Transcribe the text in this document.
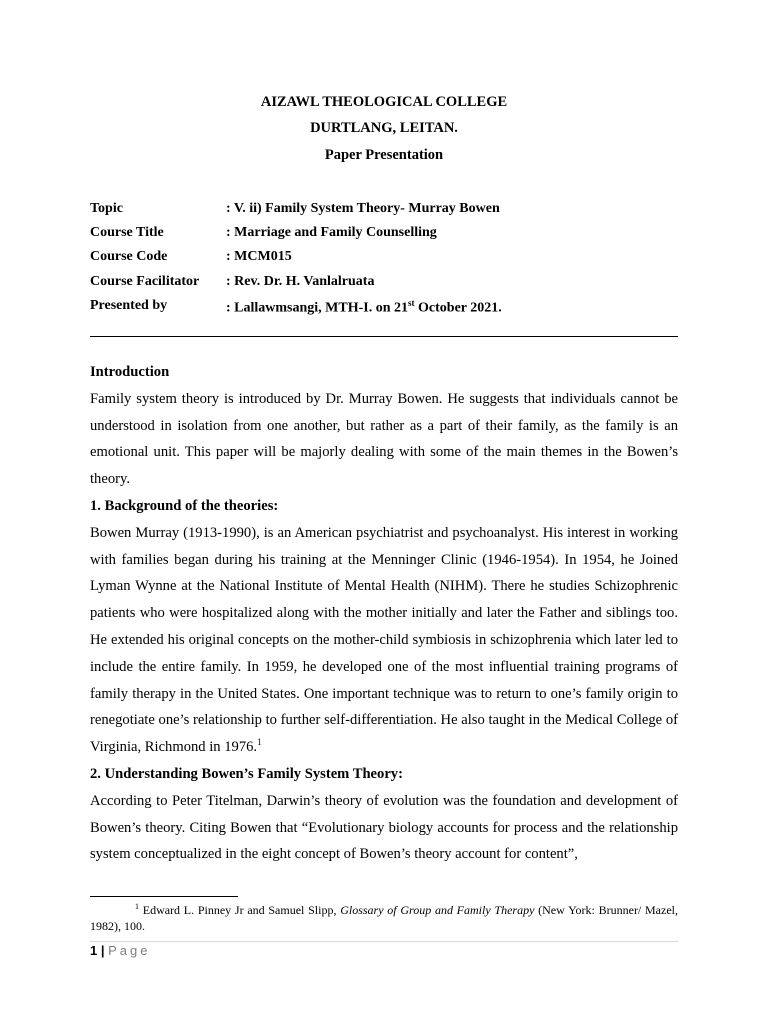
AIZAWL THEOLOGICAL COLLEGE
DURTLANG, LEITAN.
Paper Presentation
Topic	: V. ii) Family System Theory- Murray Bowen
Course Title	: Marriage and Family Counselling
Course Code	: MCM015
Course Facilitator : Rev. Dr. H. Vanlalruata
Presented by	: Lallawmsangi, MTH-I. on 21st October 2021.

Introduction

Family system theory is introduced by Dr. Murray Bowen. He suggests that individuals cannot be understood in isolation from one another, but rather as a part of their family, as the family is an emotional unit. This paper will be majorly dealing with some of the main themes in the Bowen’s theory.

1. Background of the theories:

Bowen Murray (1913-1990), is an American psychiatrist and psychoanalyst. His interest in working with families began during his training at the Menninger Clinic (1946-1954). In 1954, he Joined Lyman Wynne at the National Institute of Mental Health (NIHM). There he studies Schizophrenic patients who were hospitalized along with the mother initially and later the Father and siblings too. He extended his original concepts on the mother-child symbiosis in schizophrenia which later led to include the entire family. In 1959, he developed one of the most influential training programs of family therapy in the United States. One important technique was to return to one’s family origin to renegotiate one’s relationship to further self-differentiation. He also taught in the Medical College of Virginia, Richmond in 1976.$^1$

2. Understanding Bowen’s Family System Theory:

According to Peter Titelman, Darwin’s theory of evolution was the foundation and development of Bowen’s theory. Citing Bowen that “Evolutionary biology accounts for process and the relationship system conceptualized in the eight concept of Bowen’s theory account for content”,

$^1$ Edward L. Pinney Jr and Samuel Slipp, Glossary of Group and Family Therapy (New York: Brunner/ Mazel, 1982), 100.
1 | Page
